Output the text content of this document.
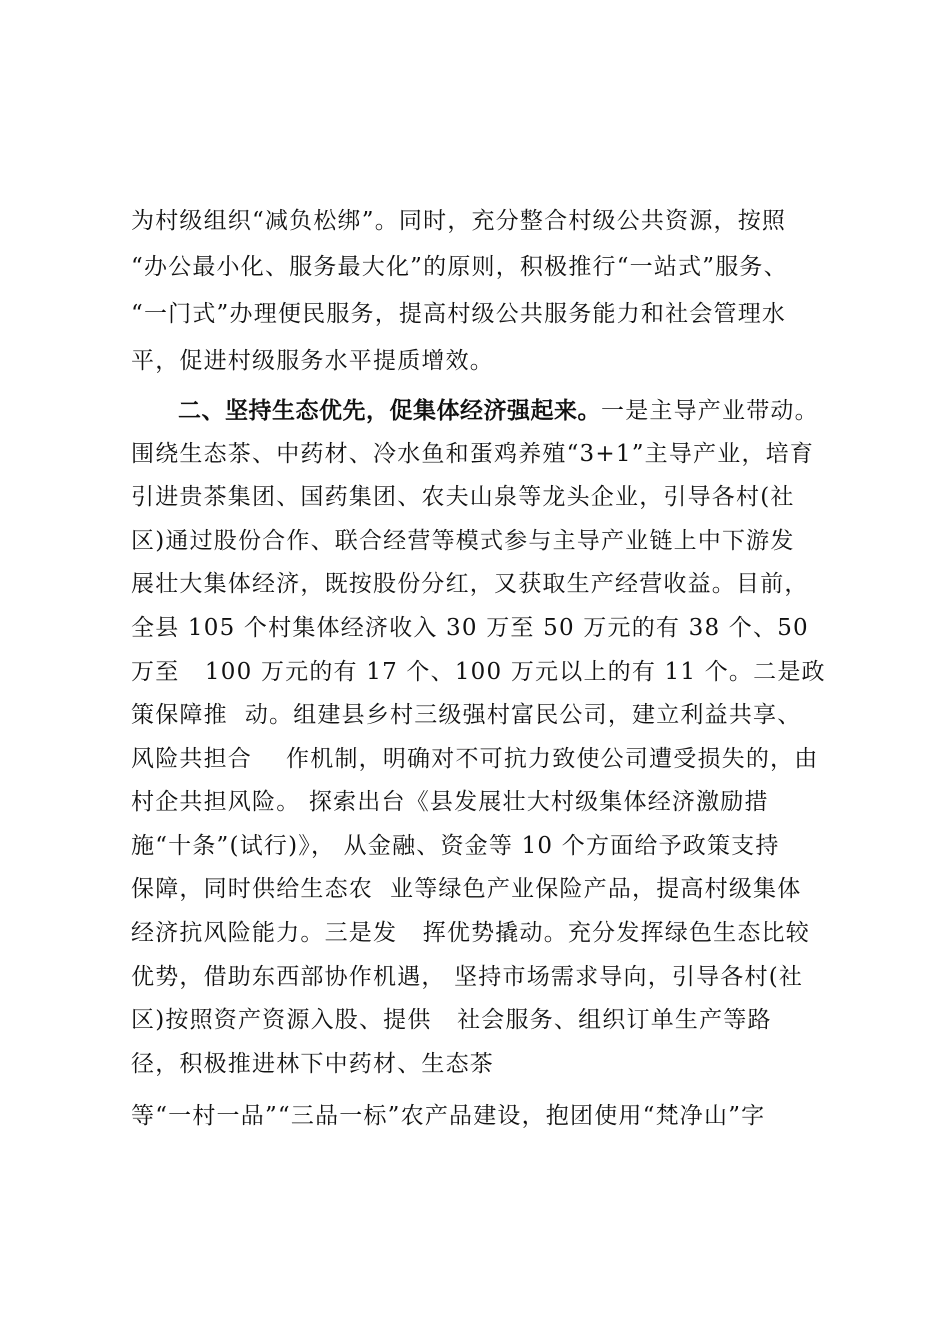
为村级组织“减负松绑”。同时，充分整合村级公共资源，按照
“办公最小化、服务最大化”的原则，积极推行“一站式”服务、
“一门式”办理便民服务，提高村级公共服务能力和社会管理水
平，促进村级服务水平提质增效。
二、坚持生态优先，促集体经济强起来。一是主导产业带动。
围绕生态茶、中药材、冷水鱼和蛋鸡养殖“3+1”主导产业，培育
引进贵茶集团、国药集团、农夫山泉等龙头企业，引导各村(社
区)通过股份合作、联合经营等模式参与主导产业链上中下游发
展壮大集体经济，既按股份分红，又获取生产经营收益。目前，
全县 105 个村集体经济收入 30 万至 50 万元的有 38 个、50
万至   100 万元的有 17 个、100 万元以上的有 11 个。二是政
策保障推  动。组建县乡村三级强村富民公司，建立利益共享、
风险共担合    作机制，明确对不可抗力致使公司遭受损失的，由
村企共担风险。 探索出台《县发展壮大村级集体经济激励措
施“十条”(试行)》， 从金融、资金等 10 个方面给予政策支持
保障，同时供给生态农  业等绿色产业保险产品，提高村级集体
经济抗风险能力。三是发   挥优势撬动。充分发挥绿色生态比较
优势，借助东西部协作机遇， 坚持市场需求导向，引导各村(社
区)按照资产资源入股、提供   社会服务、组织订单生产等路
径，积极推进林下中药材、生态茶
等“一村一品”“三品一标”农产品建设，抱团使用“梵净山”字
